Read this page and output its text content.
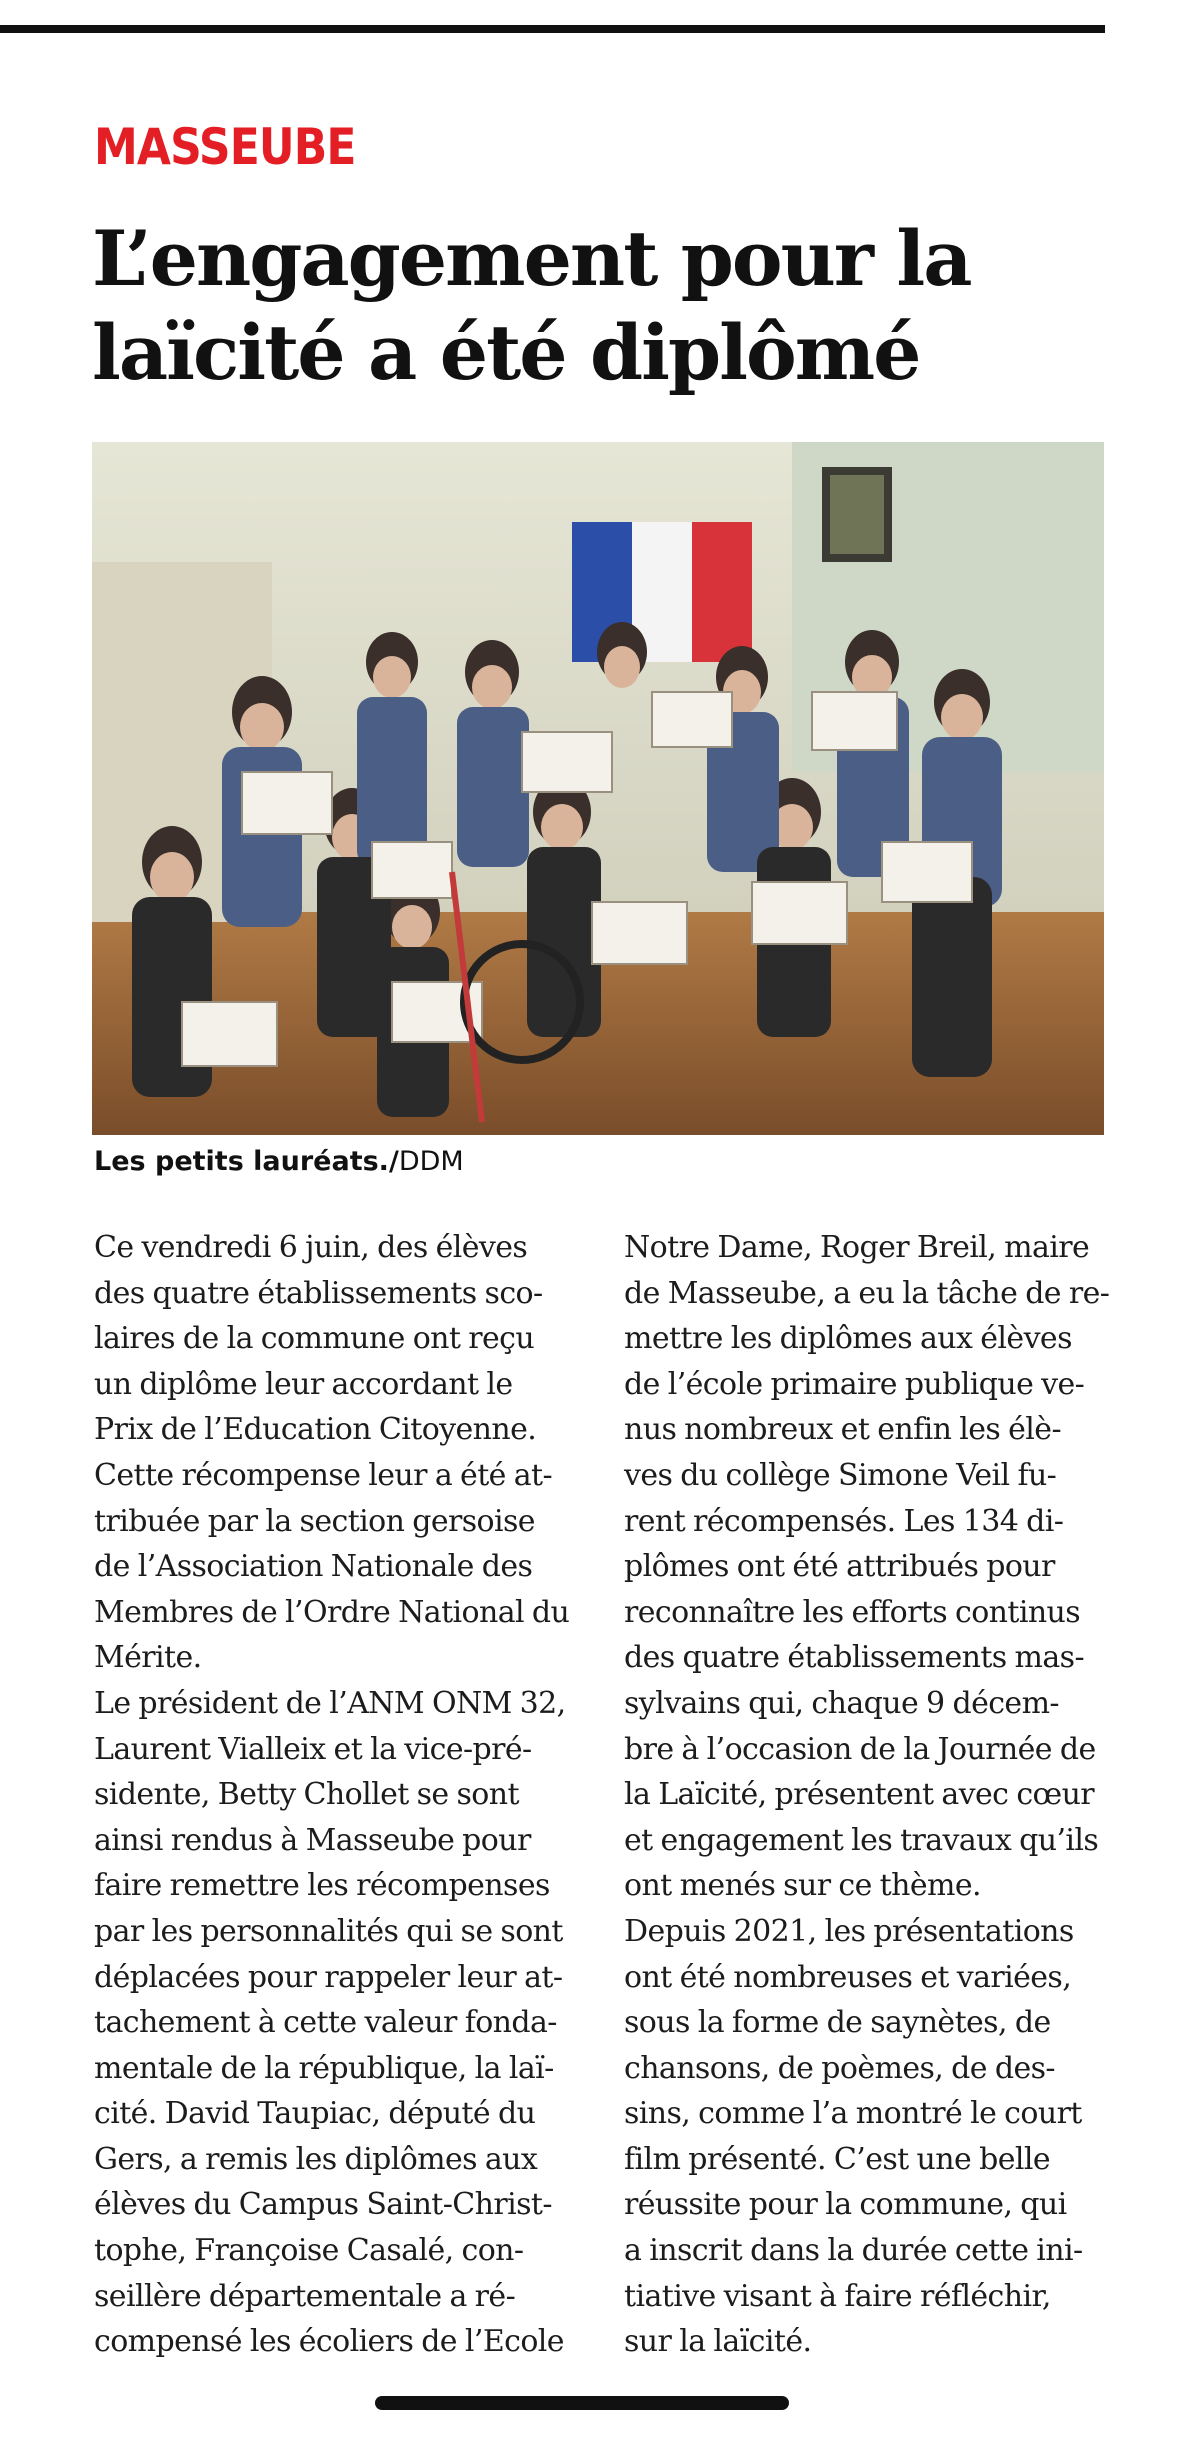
MASSEUBE
L’engagement pour la
laïcité a été diplômé
Les petits lauréats./DDM
Ce vendredi 6 juin, des élèves
des quatre établissements sco-
laires de la commune ont reçu
un diplôme leur accordant le
Prix de l’Education Citoyenne.
Cette récompense leur a été at-
tribuée par la section gersoise
de l’Association Nationale des
Membres de l’Ordre National du
Mérite.
Le président de l’ANM ONM 32,
Laurent Vialleix et la vice-pré-
sidente, Betty Chollet se sont
ainsi rendus à Masseube pour
faire remettre les récompenses
par les personnalités qui se sont
déplacées pour rappeler leur at-
tachement à cette valeur fonda-
mentale de la république, la laï-
cité. David Taupiac, député du
Gers, a remis les diplômes aux
élèves du Campus Saint-Christ-
tophe, Françoise Casalé, con-
seillère départementale a ré-
compensé les écoliers de l’Ecole
Notre Dame, Roger Breil, maire
de Masseube, a eu la tâche de re-
mettre les diplômes aux élèves
de l’école primaire publique ve-
nus nombreux et enfin les élè-
ves du collège Simone Veil fu-
rent récompensés. Les 134 di-
plômes ont été attribués pour
reconnaître les efforts continus
des quatre établissements mas-
sylvains qui, chaque 9 décem-
bre à l’occasion de la Journée de
la Laïcité, présentent avec cœur
et engagement les travaux qu’ils
ont menés sur ce thème.
Depuis 2021, les présentations
ont été nombreuses et variées,
sous la forme de saynètes, de
chansons, de poèmes, de des-
sins, comme l’a montré le court
film présenté. C’est une belle
réussite pour la commune, qui
a inscrit dans la durée cette ini-
tiative visant à faire réfléchir,
sur la laïcité.
